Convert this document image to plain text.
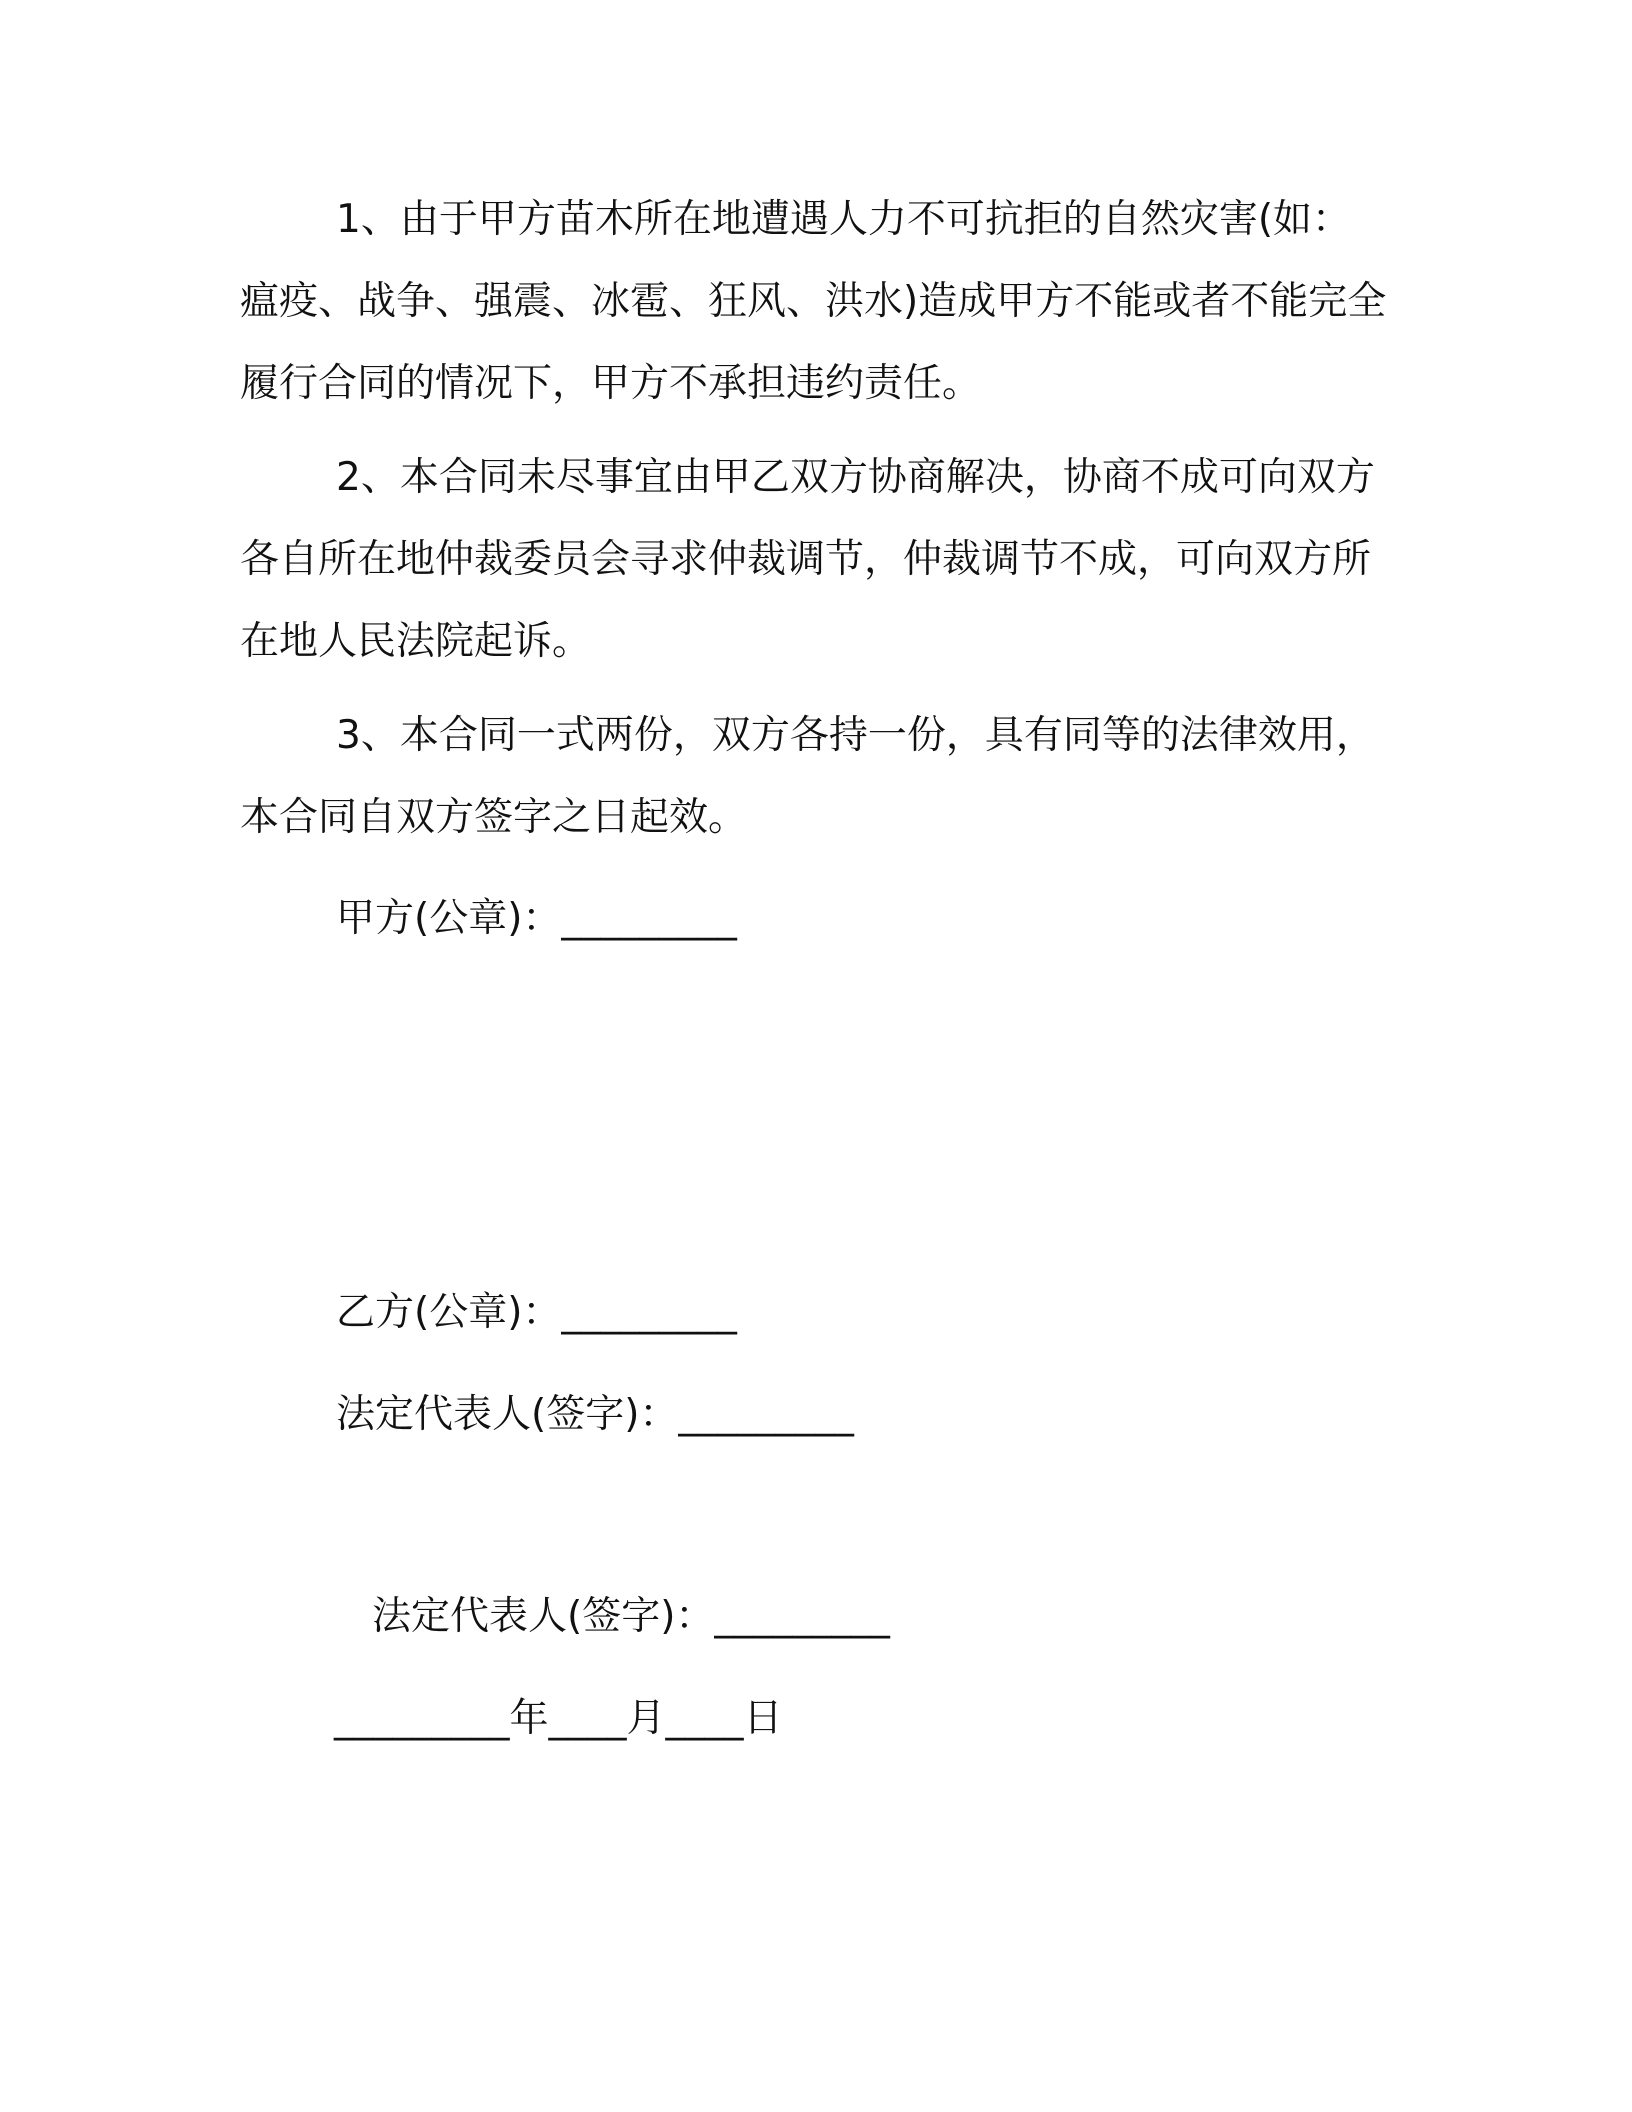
1、由于甲方苗木所在地遭遇人力不可抗拒的自然灾害(如：瘟疫、战争、强震、冰雹、狂风、洪水)造成甲方不能或者不能完全履行合同的情况下，甲方不承担违约责任。

2、本合同未尽事宜由甲乙双方协商解决，协商不成可向双方各自所在地仲裁委员会寻求仲裁调节，仲裁调节不成，可向双方所在地人民法院起诉。

3、本合同一式两份，双方各持一份，具有同等的法律效用，本合同自双方签字之日起效。

甲方(公章)：_________
乙方(公章)：_________
法定代表人(签字)：_________
法定代表人(签字)：_________
_________年____月____日
